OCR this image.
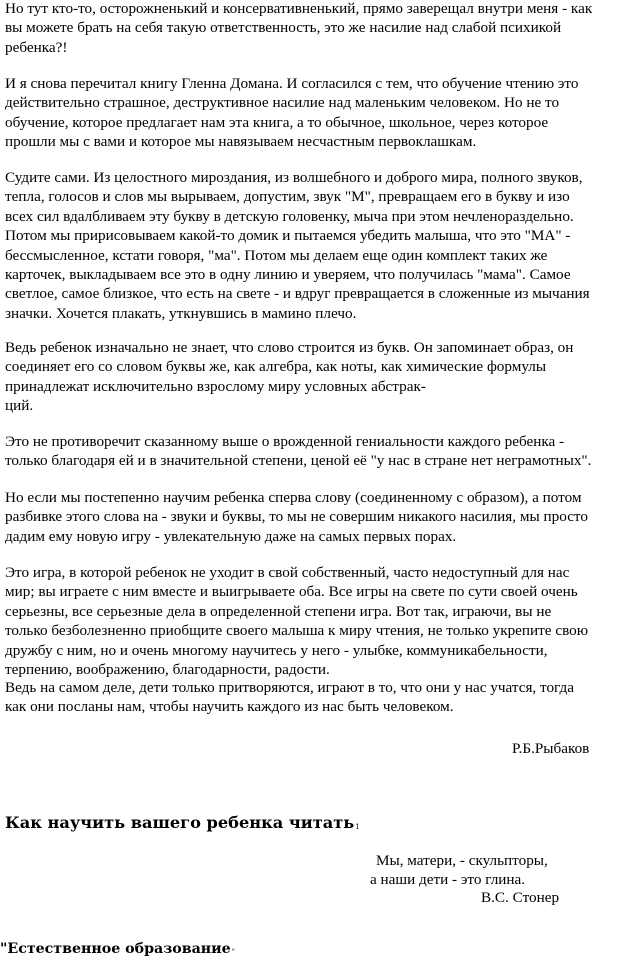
Но тут кто-то, осторожненький и консервативненький, прямо заверещал внутри меня - как
вы можете брать на себя такую ответственность, это же насилие над слабой психикой
ребенка?!
И я снова перечитал книгу Гленна Домана. И согласился с тем, что обучение чтению это
действительно страшное, деструктивное насилие над маленьким человеком. Но не то
обучение, которое предлагает нам эта книга, а то обычное, школьное, через которое
прошли мы с вами и которое мы навязываем несчастным первоклашкам.
Судите сами. Из целостного мироздания, из волшебного и доброго мира, полного звуков,
тепла, голосов и слов мы вырываем, допустим, звук "М", превращаем его в букву и изо
всех сил вдалбливаем эту букву в детскую головенку, мыча при этом нечленораздельно.
Потом мы пририсовываем какой-то домик и пытаемся убедить малыша, что это "МА" -
бессмысленное, кстати говоря, "ма". Потом мы делаем еще один комплект таких же
карточек, выкладываем все это в одну линию и уверяем, что получилась "мама". Самое
светлое, самое близкое, что есть на свете - и вдруг превращается в сложенные из мычания
значки. Хочется плакать, уткнувшись в мамино плечо.
Ведь ребенок изначально не знает, что слово строится из букв. Он запоминает образ, он
соединяет его со словом буквы же, как алгебра, как ноты, как химические формулы
принадлежат исключительно взрослому миру условных абстрак-
ций.
Это не противоречит сказанному выше о врожденной гениальности каждого ребенка -
только благодаря ей и в значительной степени, ценой её "у нас в стране нет неграмотных".
Но если мы постепенно научим ребенка сперва слову (соединенному с образом), а потом
разбивке этого слова на - звуки и буквы, то мы не совершим никакого насилия, мы просто
дадим ему новую игру - увлекательную даже на самых первых порах.
Это игра, в которой ребенок не уходит в свой собственный, часто недоступный для нас
мир; вы играете с ним вместе и выигрываете оба. Все игры на свете по сути своей очень
серьезны, все серьезные дела в определенной степени игра. Вот так, играючи, вы не
только безболезненно приобщите своего малыша к миру чтения, не только укрепите свою
дружбу с ним, но и очень многому научитесь у него - улыбке, коммуникабельности,
терпению, воображению, благодарности, радости.
Ведь на самом деле, дети только притворяются, играют в то, что они у нас учатся, тогда
как они посланы нам, чтобы научить каждого из нас быть человеком.
Р.Б.Рыбаков
Как научить вашего ребенка читать1
Мы, матери, - скульпторы,
а наши дети - это глина.
В.С. Стонер
"Естественное образование"
